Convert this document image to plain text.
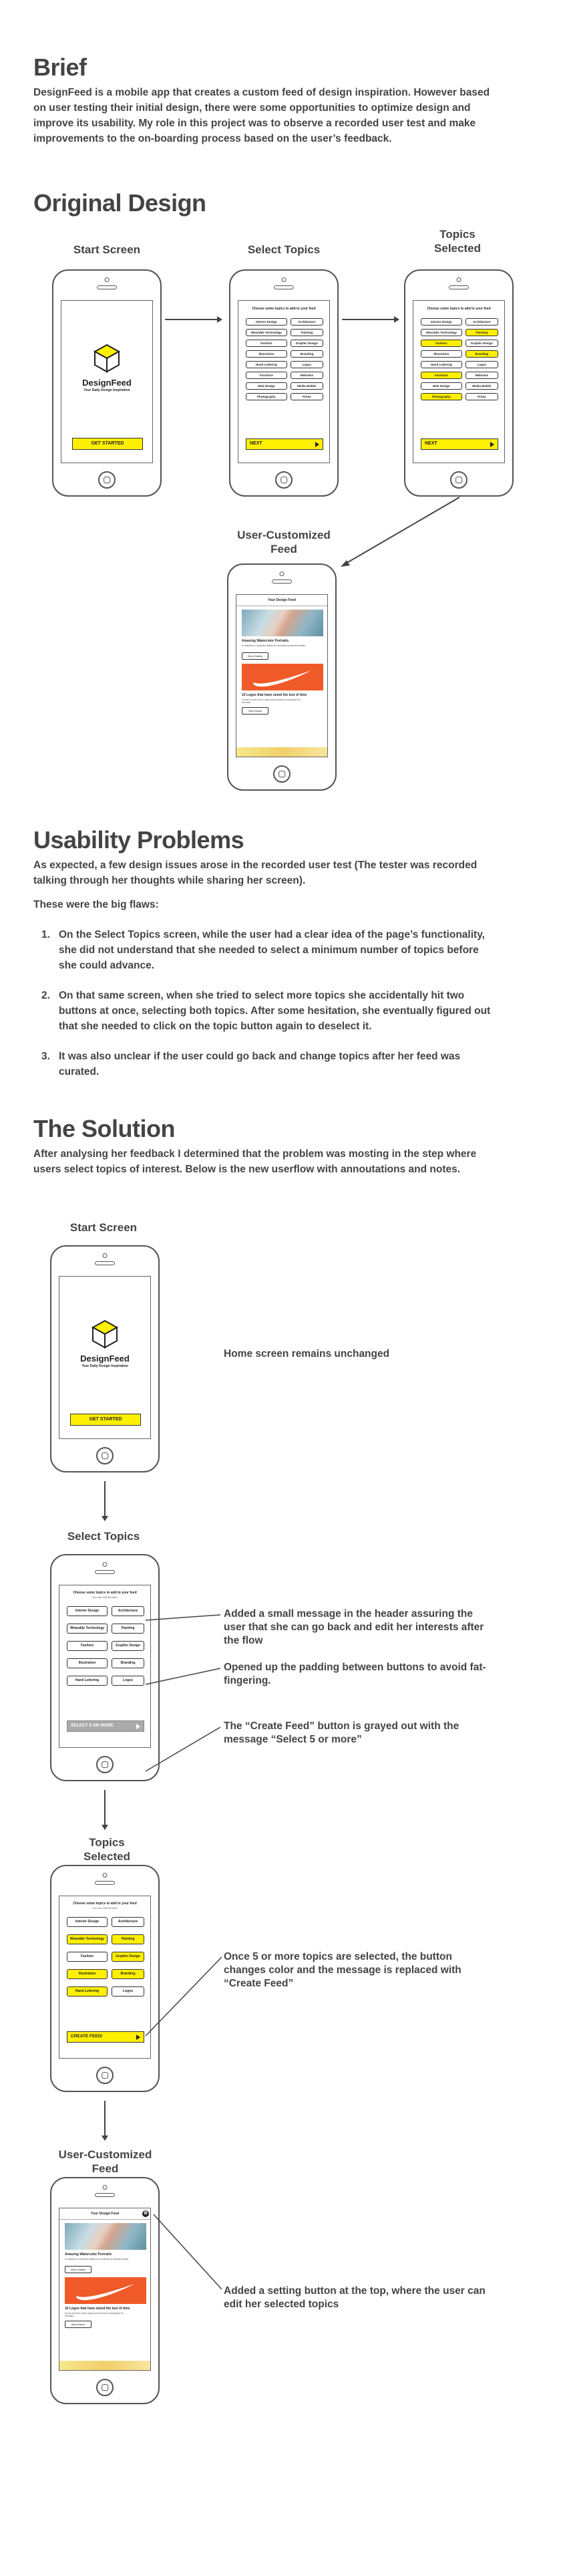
Brief

DesignFeed is a mobile app that creates a custom feed of design inspiration. However based on user testing their initial design, there were some opportunities to optimize design and improve its usability. My role in this project was to observe a recorded user test and make improvements to the on-boarding process based on the user’s feedback.

Original Design
Start Screen	Select Topics
Topics Selected
DesignFeed
Your Daily Design Inspiration
GET STARTED
Choose some topics to add to your feed
Interior Design	Architecture
Wearable Technology	Painting
Fashion	Graphic Design
Illustration	Branding
Hand Lettering	Logos
Furniture	Websites
Web Design	Media Mobile
Photography	Prints
NEXT
Choose some topics to add to your feed
Interior Design	Architecture
Wearable Technology	Painting
Fashion	Graphic Design
Illustration	Branding
Hand Lettering	Logos
Furniture	Websites
Web Design	Media Mobile
Photography	Prints
NEXT
User-Customized Feed
Your Design Feed
Amazing Watercolor Portraits
A collection of beautiful watercolor portraits by talented artists.
View Gallery
10 Logos that have stood the test of time
A look at some iconic logos that remained unchanged for decades.
View Article
Usability Problems

As expected, a few design issues arose in the recorded user test (The tester was recorded talking through her thoughts while sharing her screen).

These were the big flaws:

1. On the Select Topics screen, while the user had a clear idea of the page’s functionality, she did not understand that she needed to select a minimum number of topics before she could advance.
2. On that same screen, when she tried to select more topics she accidentally hit two buttons at once, selecting both topics. After some hesitation, she eventually figured out that she needed to click on the topic button again to deselect it.
3. It was also unclear if the user could go back and change topics after her feed was curated.
The Solution

After analysing her feedback I determined that the problem was mosting in the step where users select topics of interest. Below is the new userflow with annoutations and notes.

Start Screen
DesignFeed
Your Daily Design Inspiration
GET STARTED
Home screen remains unchanged
Select Topics
Choose some topics to add to your feed
You can edit this later
Interior Design	Architecture
Wearable Technology	Painting
Fashion	Graphic Design
Illustration	Branding
Hand Lettering	Logos
SELECT 5 OR MORE
Added a small message in the header assuring the user that she can go back and edit her interests after the flow
Opened up the padding between buttons to avoid fat-fingering.
The “Create Feed” button is grayed out with the message “Select 5 or more”
Topics Selected
Choose some topics to add to your feed
You can edit this later
Interior Design	Architecture
Wearable Technology	Painting
Fashion	Graphic Design
Illustration	Branding
Hand Lettering	Logos
CREATE FEED!
Once 5 or more topics are selected, the button changes color and the message is replaced with “Create Feed”
User-Customized Feed
Your Design Feed	⚙
Amazing Watercolor Portraits
A collection of beautiful watercolor portraits by talented artists.
View Gallery
10 Logos that have stood the test of time
A look at some iconic logos that remained unchanged for decades.
View Article
Added a setting button at the top, where the user can edit her selected topics
